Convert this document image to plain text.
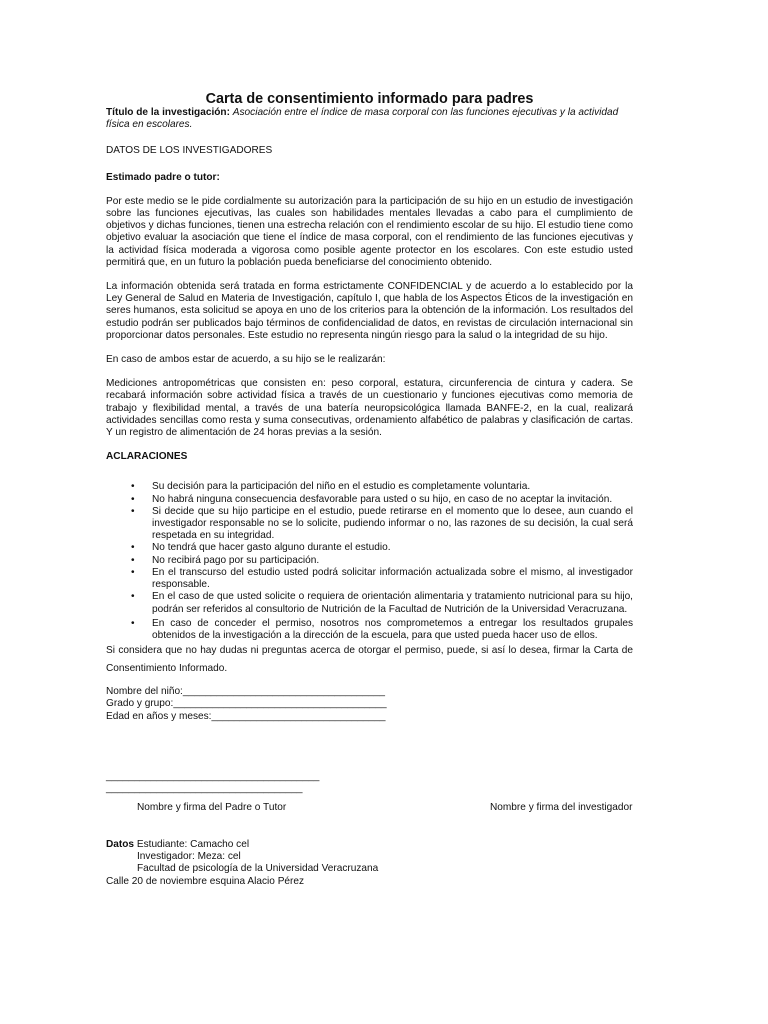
Carta de consentimiento informado para padres

Título de la investigación: Asociación entre el índice de masa corporal con las funciones ejecutivas y la actividad física en escolares.

DATOS DE LOS INVESTIGADORES

Estimado padre o tutor:

Por este medio se le pide cordialmente su autorización para la participación de su hijo en un estudio de investigación sobre las funciones ejecutivas, las cuales son habilidades mentales llevadas a cabo para el cumplimiento de objetivos y dichas funciones, tienen una estrecha relación con el rendimiento escolar de su hijo. El estudio tiene como objetivo evaluar la asociación que tiene el índice de masa corporal, con el rendimiento de las funciones ejecutivas y la actividad física moderada a vigorosa como posible agente protector en los escolares. Con este estudio usted permitirá que, en un futuro la población pueda beneficiarse del conocimiento obtenido.

La información obtenida será tratada en forma estrictamente CONFIDENCIAL y de acuerdo a lo establecido por la Ley General de Salud en Materia de Investigación, capítulo I, que habla de los Aspectos Éticos de la investigación en seres humanos, esta solicitud se apoya en uno de los criterios para la obtención de la información. Los resultados del estudio podrán ser publicados bajo términos de confidencialidad de datos, en revistas de circulación internacional sin proporcionar datos personales. Este estudio no representa ningún riesgo para la salud o la integridad de su hijo.

En caso de ambos estar de acuerdo, a su hijo se le realizarán:

Mediciones antropométricas que consisten en: peso corporal, estatura, circunferencia de cintura y cadera. Se recabará información sobre actividad física a través de un cuestionario y funciones ejecutivas como memoria de trabajo y flexibilidad mental, a través de una batería neuropsicológica llamada BANFE-2, en la cual, realizará actividades sencillas como resta y suma consecutivas, ordenamiento alfabético de palabras y clasificación de cartas. Y un registro de alimentación de 24 horas previas a la sesión.

ACLARACIONES

• Su decisión para la participación del niño en el estudio es completamente voluntaria.
• No habrá ninguna consecuencia desfavorable para usted o su hijo, en caso de no aceptar la invitación.
• Si decide que su hijo participe en el estudio, puede retirarse en el momento que lo desee, aun cuando el investigador responsable no se lo solicite, pudiendo informar o no, las razones de su decisión, la cual será respetada en su integridad.
• No tendrá que hacer gasto alguno durante el estudio.
• No recibirá pago por su participación.
• En el transcurso del estudio usted podrá solicitar información actualizada sobre el mismo, al investigador responsable.
• En el caso de que usted solicite o requiera de orientación alimentaria y tratamiento nutricional para su hijo, podrán ser referidos al consultorio de Nutrición de la Facultad de Nutrición de la Universidad Veracruzana.
• En caso de conceder el permiso, nosotros nos comprometemos a entregar los resultados grupales obtenidos de la investigación a la dirección de la escuela, para que usted pueda hacer uso de ellos.

Si considera que no hay dudas ni preguntas acerca de otorgar el permiso, puede, si así lo desea, firmar la Carta de Consentimiento Informado.

Nombre del niño:____________________________________
Grado y grupo:______________________________________
Edad en años y meses:_______________________________
______________________________________
___________________________________
Nombre y firma del Padre o Tutor	Nombre y firma del investigador
Datos Estudiante: Camacho cel
Investigador: Meza: cel
Facultad de psicología de la Universidad Veracruzana
Calle 20 de noviembre esquina Alacio Pérez
